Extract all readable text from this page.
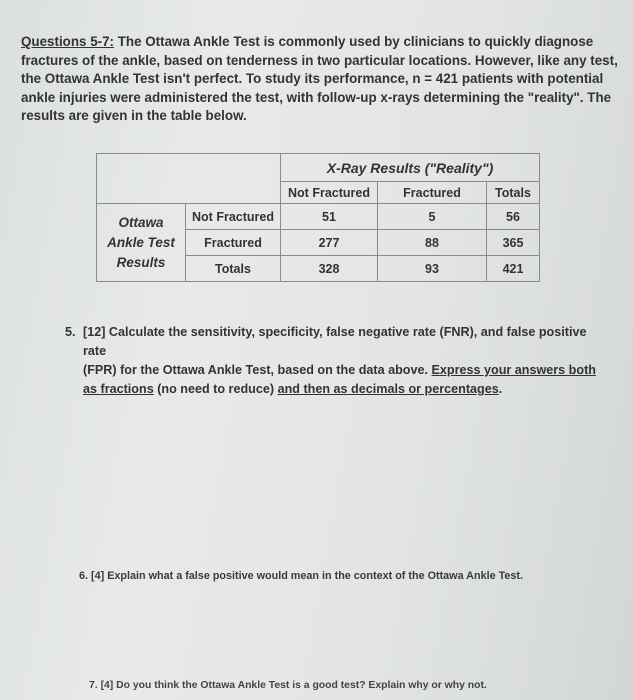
Questions 5-7: The Ottawa Ankle Test is commonly used by clinicians to quickly diagnose
fractures of the ankle, based on tenderness in two particular locations. However, like any test,
the Ottawa Ankle Test isn't perfect. To study its performance, n = 421 patients with potential
ankle injuries were administered the test, with follow-up x-rays determining the "reality". The
results are given in the table below.
		X-Ray Results ("Reality")		
		Not Fractured	Fractured	Totals
Ottawa
Ankle Test
Results	Not Fractured	51	5	56
	Fractured	277	88	365
	Totals	328	93	421
5. [12] Calculate the sensitivity, specificity, false negative rate (FNR), and false positive rate
(FPR) for the Ottawa Ankle Test, based on the data above. Express your answers both
as fractions (no need to reduce) and then as decimals or percentages.
6. [4] Explain what a false positive would mean in the context of the Ottawa Ankle Test.
7. [4] Do you think the Ottawa Ankle Test is a good test? Explain why or why not.
